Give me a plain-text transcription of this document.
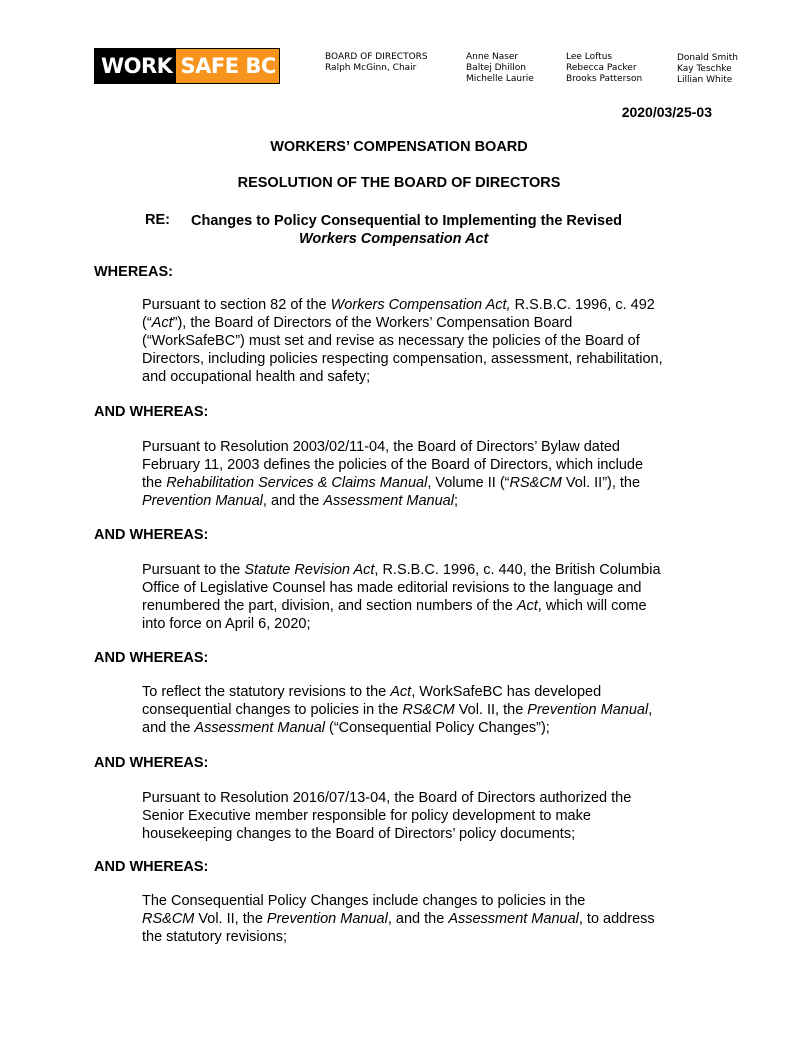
WORK SAFE BC	BOARD OF DIRECTORS
Ralph McGinn, Chair
Anne Naser
Baltej Dhillon
Michelle Laurie
Lee Loftus
Rebecca Packer
Brooks Patterson
Donald Smith
Kay Teschke
Lillian White
2020/03/25-03
WORKERS’ COMPENSATION BOARD
RESOLUTION OF THE BOARD OF DIRECTORS
RE: Changes to Policy Consequential to Implementing the Revised
Workers Compensation Act
WHEREAS:
Pursuant to section 82 of the Workers Compensation Act, R.S.B.C. 1996, c. 492
(“Act”), the Board of Directors of the Workers’ Compensation Board
(“WorkSafeBC”) must set and revise as necessary the policies of the Board of
Directors, including policies respecting compensation, assessment, rehabilitation,
and occupational health and safety;
AND WHEREAS:
Pursuant to Resolution 2003/02/11-04, the Board of Directors’ Bylaw dated
February 11, 2003 defines the policies of the Board of Directors, which include
the Rehabilitation Services & Claims Manual, Volume II (“RS&CM Vol. II”), the
Prevention Manual, and the Assessment Manual;
AND WHEREAS:
Pursuant to the Statute Revision Act, R.S.B.C. 1996, c. 440, the British Columbia
Office of Legislative Counsel has made editorial revisions to the language and
renumbered the part, division, and section numbers of the Act, which will come
into force on April 6, 2020;
AND WHEREAS:
To reflect the statutory revisions to the Act, WorkSafeBC has developed
consequential changes to policies in the RS&CM Vol. II, the Prevention Manual,
and the Assessment Manual (“Consequential Policy Changes”);
AND WHEREAS:
Pursuant to Resolution 2016/07/13-04, the Board of Directors authorized the
Senior Executive member responsible for policy development to make
housekeeping changes to the Board of Directors’ policy documents;
AND WHEREAS:
The Consequential Policy Changes include changes to policies in the
RS&CM Vol. II, the Prevention Manual, and the Assessment Manual, to address
the statutory revisions;
